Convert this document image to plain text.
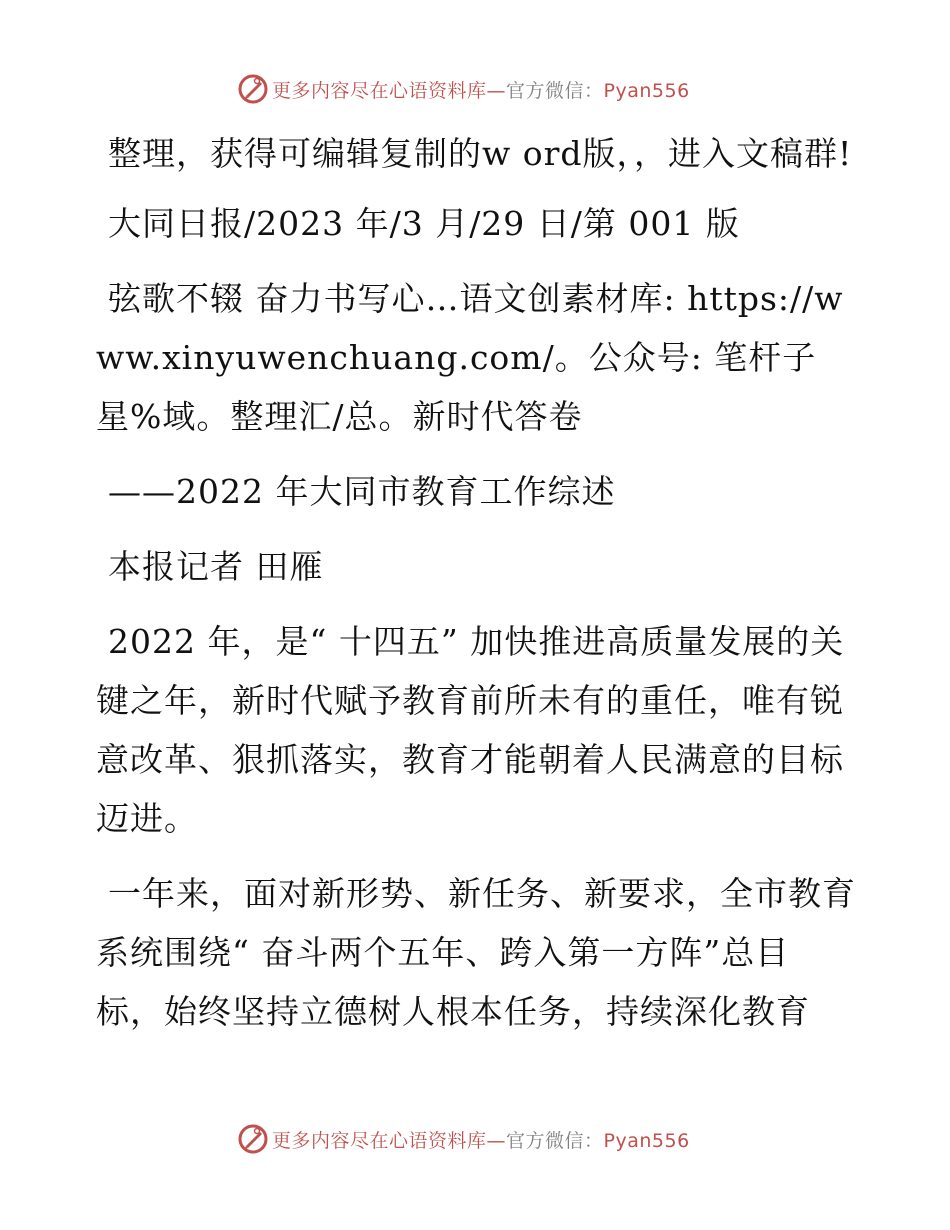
更多内容尽在心语资料库—官方微信：Pyan556

整理，获得可编辑复制的w ord版，，进入文稿群!

大同日报/2023 年/3 月/29 日/第 001 版

弦歌不辍 奋力书写心…语文创素材库: https://www.xinyuwenchuang.com/。公众号: 笔杆子星%域。整理汇/总。新时代答卷

——2022 年大同市教育工作综述

本报记者 田雁

2022 年，是“ 十四五” 加快推进高质量发展的关键之年，新时代赋予教育前所未有的重任，唯有锐意改革、狠抓落实，教育才能朝着人民满意的目标迈进。

一年来，面对新形势、新任务、新要求，全市教育系统围绕“ 奋斗两个五年、跨入第一方阵”总目标，始终坚持立德树人根本任务，持续深化教育

更多内容尽在心语资料库—官方微信：Pyan556
